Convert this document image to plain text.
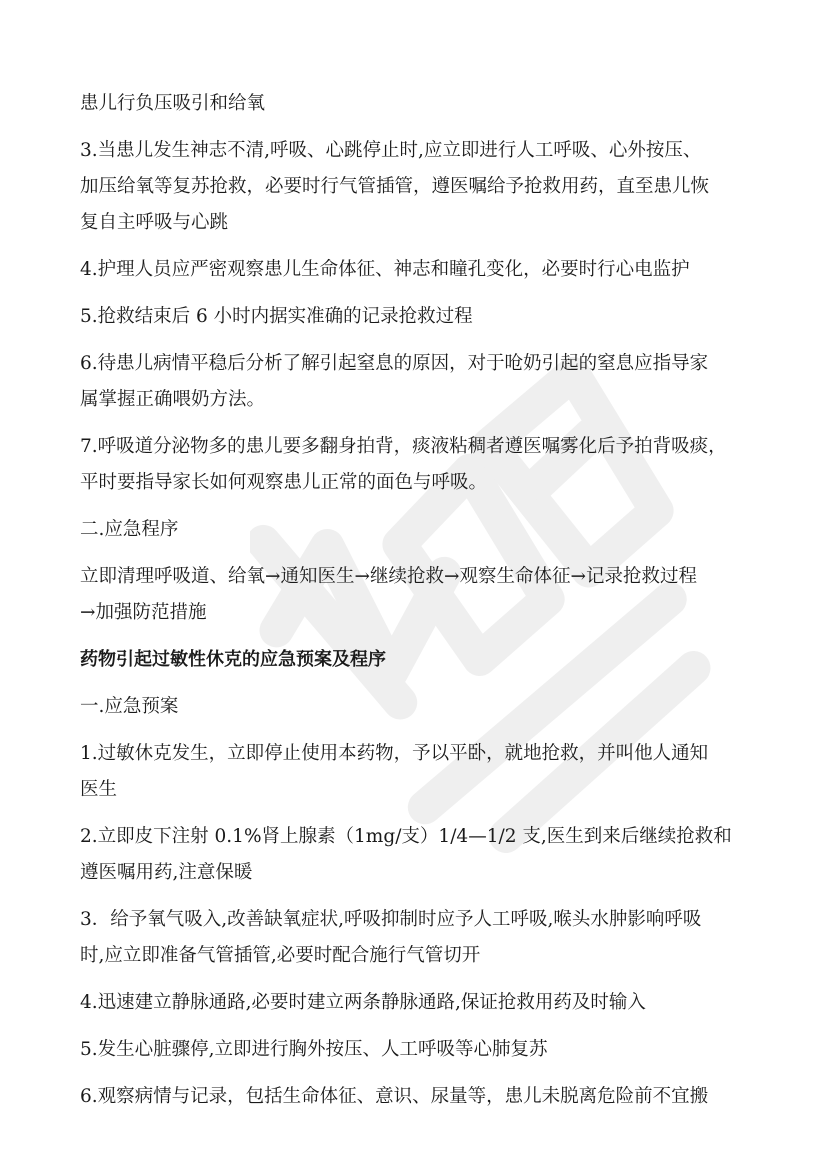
患儿行负压吸引和给氧

3.当患儿发生神志不清,呼吸、心跳停止时,应立即进行人工呼吸、心外按压、

加压给氧等复苏抢救，必要时行气管插管，遵医嘱给予抢救用药，直至患儿恢

复自主呼吸与心跳

4.护理人员应严密观察患儿生命体征、神志和瞳孔变化，必要时行心电监护

5.抢救结束后 6 小时内据实准确的记录抢救过程

6.待患儿病情平稳后分析了解引起窒息的原因，对于呛奶引起的窒息应指导家

属掌握正确喂奶方法。

7.呼吸道分泌物多的患儿要多翻身拍背，痰液粘稠者遵医嘱雾化后予拍背吸痰，

平时要指导家长如何观察患儿正常的面色与呼吸。

二.应急程序

立即清理呼吸道、给氧→通知医生→继续抢救→观察生命体征→记录抢救过程

→加强防范措施

药物引起过敏性休克的应急预案及程序

一.应急预案

1.过敏休克发生，立即停止使用本药物，予以平卧，就地抢救，并叫他人通知

医生

2.立即皮下注射 0.1%肾上腺素（1mg/支）1/4—1/2 支,医生到来后继续抢救和

遵医嘱用药,注意保暖

3．给予氧气吸入,改善缺氧症状,呼吸抑制时应予人工呼吸,喉头水肿影响呼吸

时,应立即准备气管插管,必要时配合施行气管切开

4.迅速建立静脉通路,必要时建立两条静脉通路,保证抢救用药及时输入

5.发生心脏骤停,立即进行胸外按压、人工呼吸等心肺复苏

6.观察病情与记录，包括生命体征、意识、尿量等，患儿未脱离危险前不宜搬
